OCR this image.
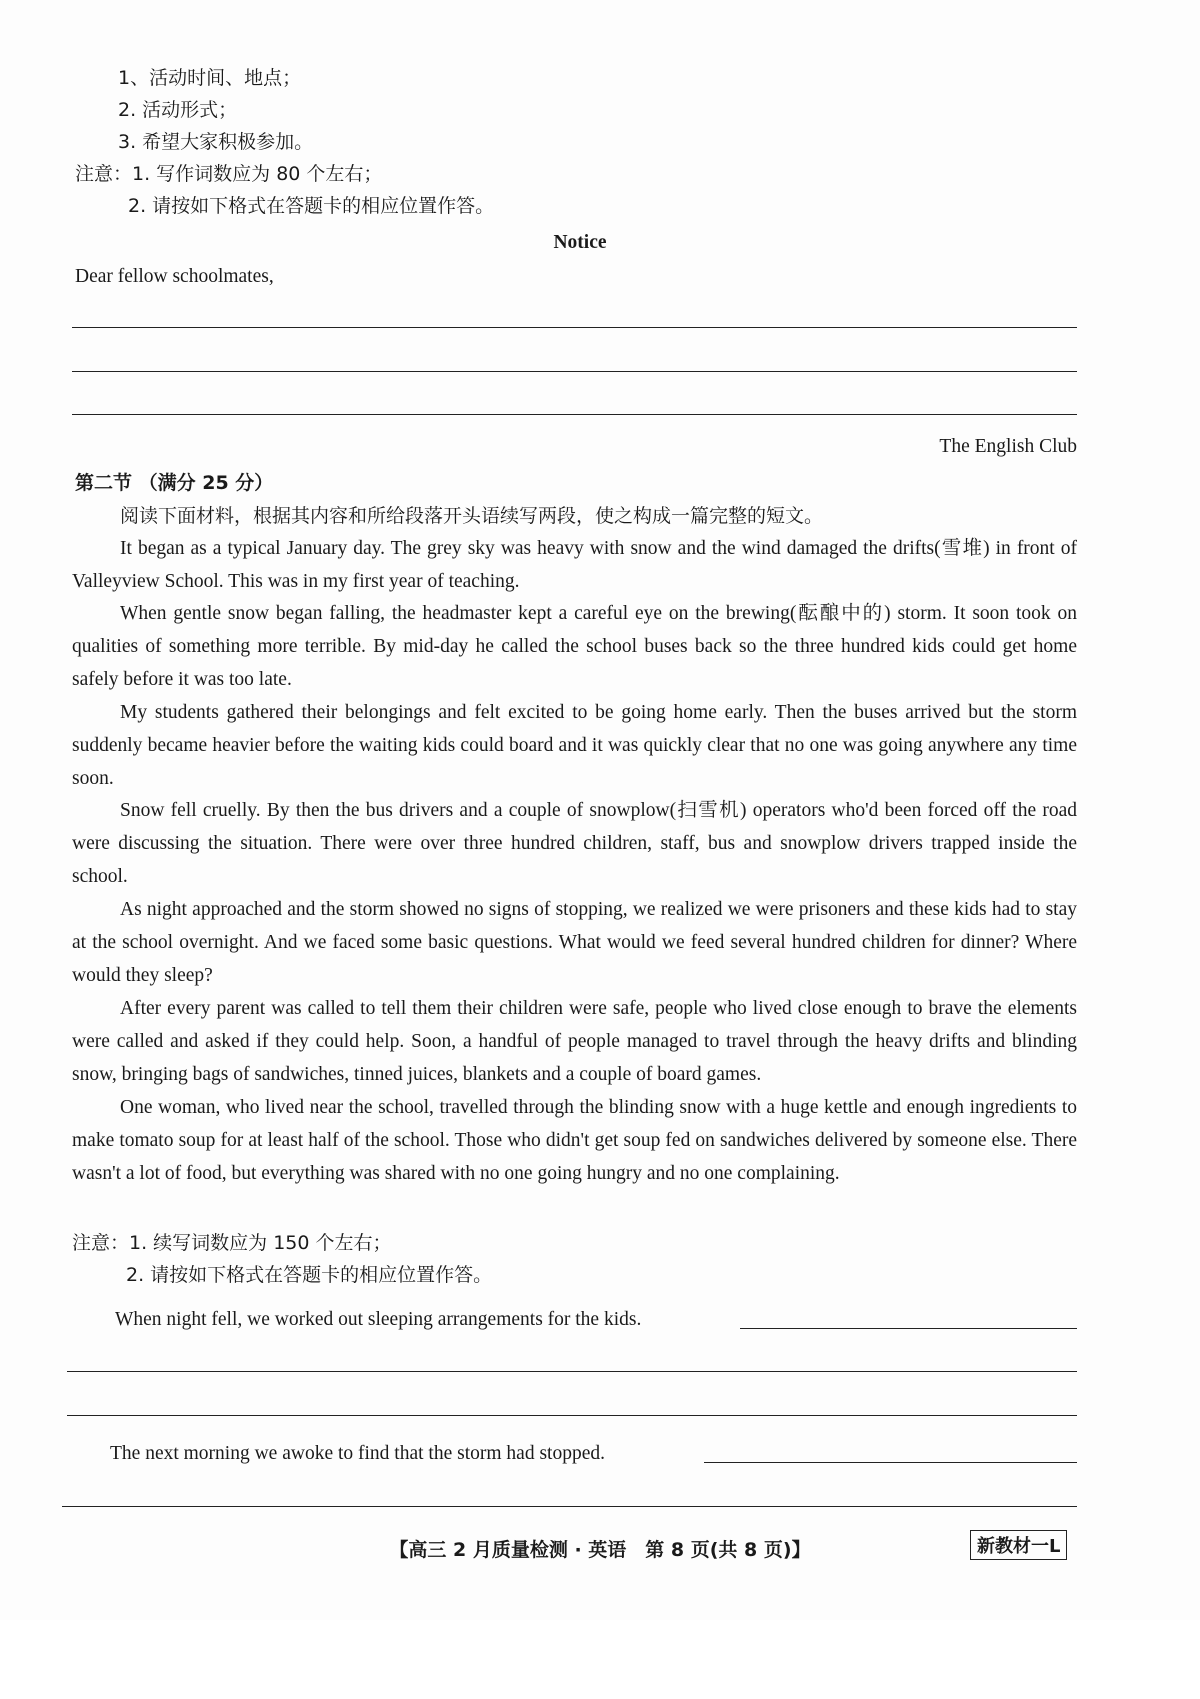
1、活动时间、地点；
2. 活动形式；
3. 希望大家积极参加。
注意：1. 写作词数应为 80 个左右；
2. 请按如下格式在答题卡的相应位置作答。
Notice
Dear fellow schoolmates,
The English Club
第二节 （满分 25 分）
阅读下面材料，根据其内容和所给段落开头语续写两段，使之构成一篇完整的短文。

It began as a typical January day. The grey sky was heavy with snow and the wind damaged the drifts(雪堆) in front of Valleyview School. This was in my first year of teaching.

When gentle snow began falling, the headmaster kept a careful eye on the brewing(酝酿中的) storm. It soon took on qualities of something more terrible. By mid-day he called the school buses back so the three hundred kids could get home safely before it was too late.

My students gathered their belongings and felt excited to be going home early. Then the buses arrived but the storm suddenly became heavier before the waiting kids could board and it was quickly clear that no one was going anywhere any time soon.

Snow fell cruelly. By then the bus drivers and a couple of snowplow(扫雪机) operators who'd been forced off the road were discussing the situation. There were over three hundred children, staff, bus and snowplow drivers trapped inside the school.

As night approached and the storm showed no signs of stopping, we realized we were prisoners and these kids had to stay at the school overnight. And we faced some basic questions. What would we feed several hundred children for dinner? Where would they sleep?

After every parent was called to tell them their children were safe, people who lived close enough to brave the elements were called and asked if they could help. Soon, a handful of people managed to travel through the heavy drifts and blinding snow, bringing bags of sandwiches, tinned juices, blankets and a couple of board games.

One woman, who lived near the school, travelled through the blinding snow with a huge kettle and enough ingredients to make tomato soup for at least half of the school. Those who didn't get soup fed on sandwiches delivered by someone else. There wasn't a lot of food, but everything was shared with no one going hungry and no one complaining.

注意：1. 续写词数应为 150 个左右；
2. 请按如下格式在答题卡的相应位置作答。
When night fell, we worked out sleeping arrangements for the kids.
The next morning we awoke to find that the storm had stopped.
【高三 2 月质量检测 · 英语　第 8 页(共 8 页)】	新教材一L
